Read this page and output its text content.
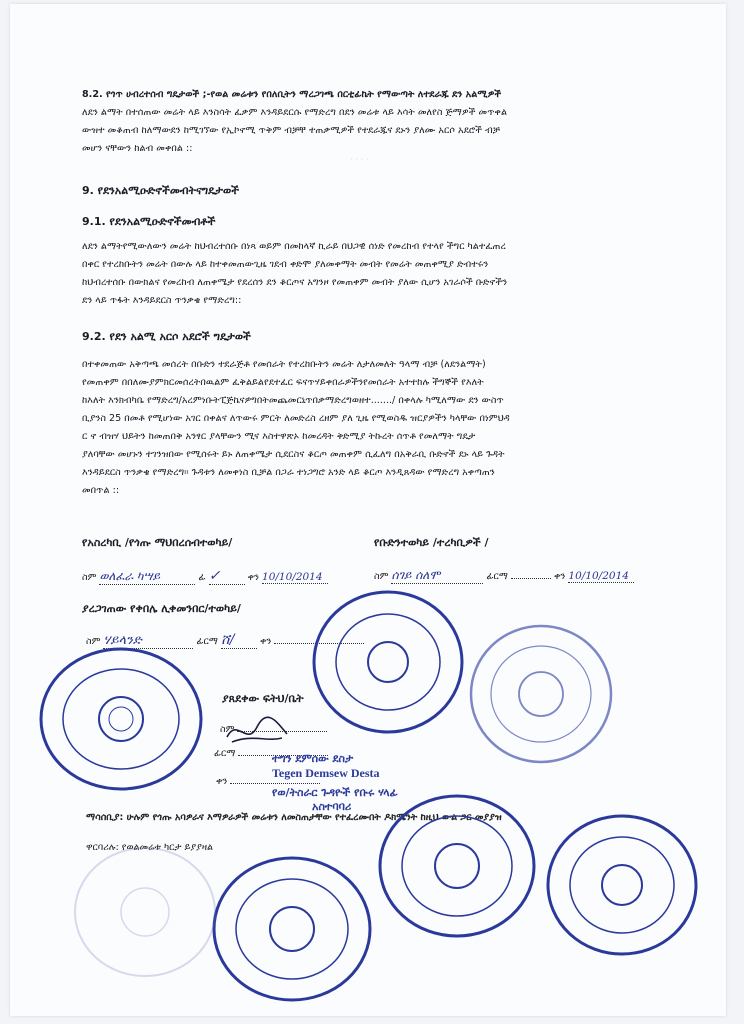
· · · ·

8.2. የጎጥ ሀብረተሰብ ግዴታወች ;-የወል መሬቱን የበለቢትን ማረጋገጫ በርቲፊኬት የማውጣት ለተደራጁ ደን አልሚዎች

ለደን ልማት በተሰጠው መሬት ላይ እንስሳት ፈቃም እንዳይደርሱ የማድረግ በደን መሬቱ ላይ እሳት መለየስ ጅማዎች መጥቀል

ውዝተ መቆጠብ ከለማውደን ከሚገኘው የኢኮኖሚ ጥቅም ብቻቸ ተጠቃሚዎች የተደራጁና ደኑን ያለሙ አርሶ አደሮች ብቻ

መሆን ናቸውን ከልብ መቀበል ::

9. የደንአልሚዑድኖችመብትናግዴታወች
9.1. የደንአልሚዑድኖችመብቶች

ለደን ልማትየሚውለውን መሬት ከህብረተሰቡ በነጻ ወይም በመከላኛ ኪራይ በህጋዊ ሰነድ የመረከብ የተላየ ችግር ካልተፈጠረ

በቀር የተረከቡትን መሬት በውሉ ላይ ከተቀመጠውጊዜ ገደብ ቀድሞ ያለመቀማት መብት የመሬት መጠቀሚያ ድብተሩን

ከህብረተሰቡ በውክልና የመረከብ ለጠቀሜታ የደረሰን ደን ቆርጦና አግንዞ የመጠቀም መብት ያለው ሲሆን አገራሶች ቡድኖችን

ደን ላይ ጥፋት እንዳይደርስ ጥንቃቄ የማድረግ::

9.2. የደን አልሚ አርሶ አደሮች ግዴታወች

በተቀመጠው አቅጣጫ መሰረት በቡድን ተደራጅቶ የመሰራት የተረከቡትን መሬት ለታለመለት ዓላማ ብቻ (ለደንልማት)

የመጠቀም በበለሙያምክርመሰረትበዉልም ፈቅልይልየደተፈር ፍናጥሃይቀበራዎችንየመሰራት አተተከሉ ችግኞች የእለት

ከእለት እንክብካቤ የማድረግ/አረምነቡትፒጅኬናዎግበትመጨመርኒጥበቃማድረግወዘተ......./ በቀላሉ ካሚለማው ደን ውስጥ

ቢያንስ 25 በመቶ የሚሆነው አገር በቀልና ለጥውሩ ምርት ለመድረስ ረዘም ያለ ጊዜ የሚወስዱ ዝርያዎችን ካላቸው በነምህዳ

ር ኖ ብዝሃ ህይትን ከመጠበቅ አንፃር ያላቸውን ሚና እስተዋጽኦ ከመረዳት ቅድሚያ ትኩረት ሰጥቶ የመለማት ግዴታ

ያለባቸው መሆኑን ተገንዝበው የሚሰሩት ይኑ ለጠቀሜታ ሲደርስና ቆርጦ መጠቀም ሲፈለግ በአቅራቢ ቡድኖች ደኑ ላይ ጉዳት

እንዳይደርስ ጥንቃቄ የማድረግ። ጉዳቱን ለመቀነስ ቢቻል በጋራ ተነጋግሮ አንድ ላይ ቆርጦ እንዲጸዳው የማድረግ አቀጣጠን

መበጥል ::

የአስረካቢ /የጎጡ ማህበረሰብተወካይ/	የቡድንተወካይ /ተረካቢዎች /
ስም ወለፈራ ካሣይ	ፊ ✓	ቀን 10/10/2014	ስም ሰገይ ሰለሞ	ፊርማ	ቀን 10/10/2014
ያረጋገጠው የቀበሌ ሊቀመንበር/ተወካይ/
ስም ሃይላንድ	ፊርማ ሸ/	ቀን
ያጸደቀው ፍትህ/ቤት
ስም
ፊርማ
ቀን
ተግን ደምሰው ደስታ
Tegen Demsew Desta
የወ/ትስራር ጉዳዮች የቡሩ ሃላፊ
አስተባባሪ
ማሳሰቢያ: ሁሉም የጎጡ አባዎራና እማዎራዎች መሬቱን ለመስጠታቸው የተፈረሙበት ዶክሜንት ከዚህ ውል ጋር መያያዝ
ዋርባሪሉ: የወልመሬቱ ካርታ ይያያዛል
